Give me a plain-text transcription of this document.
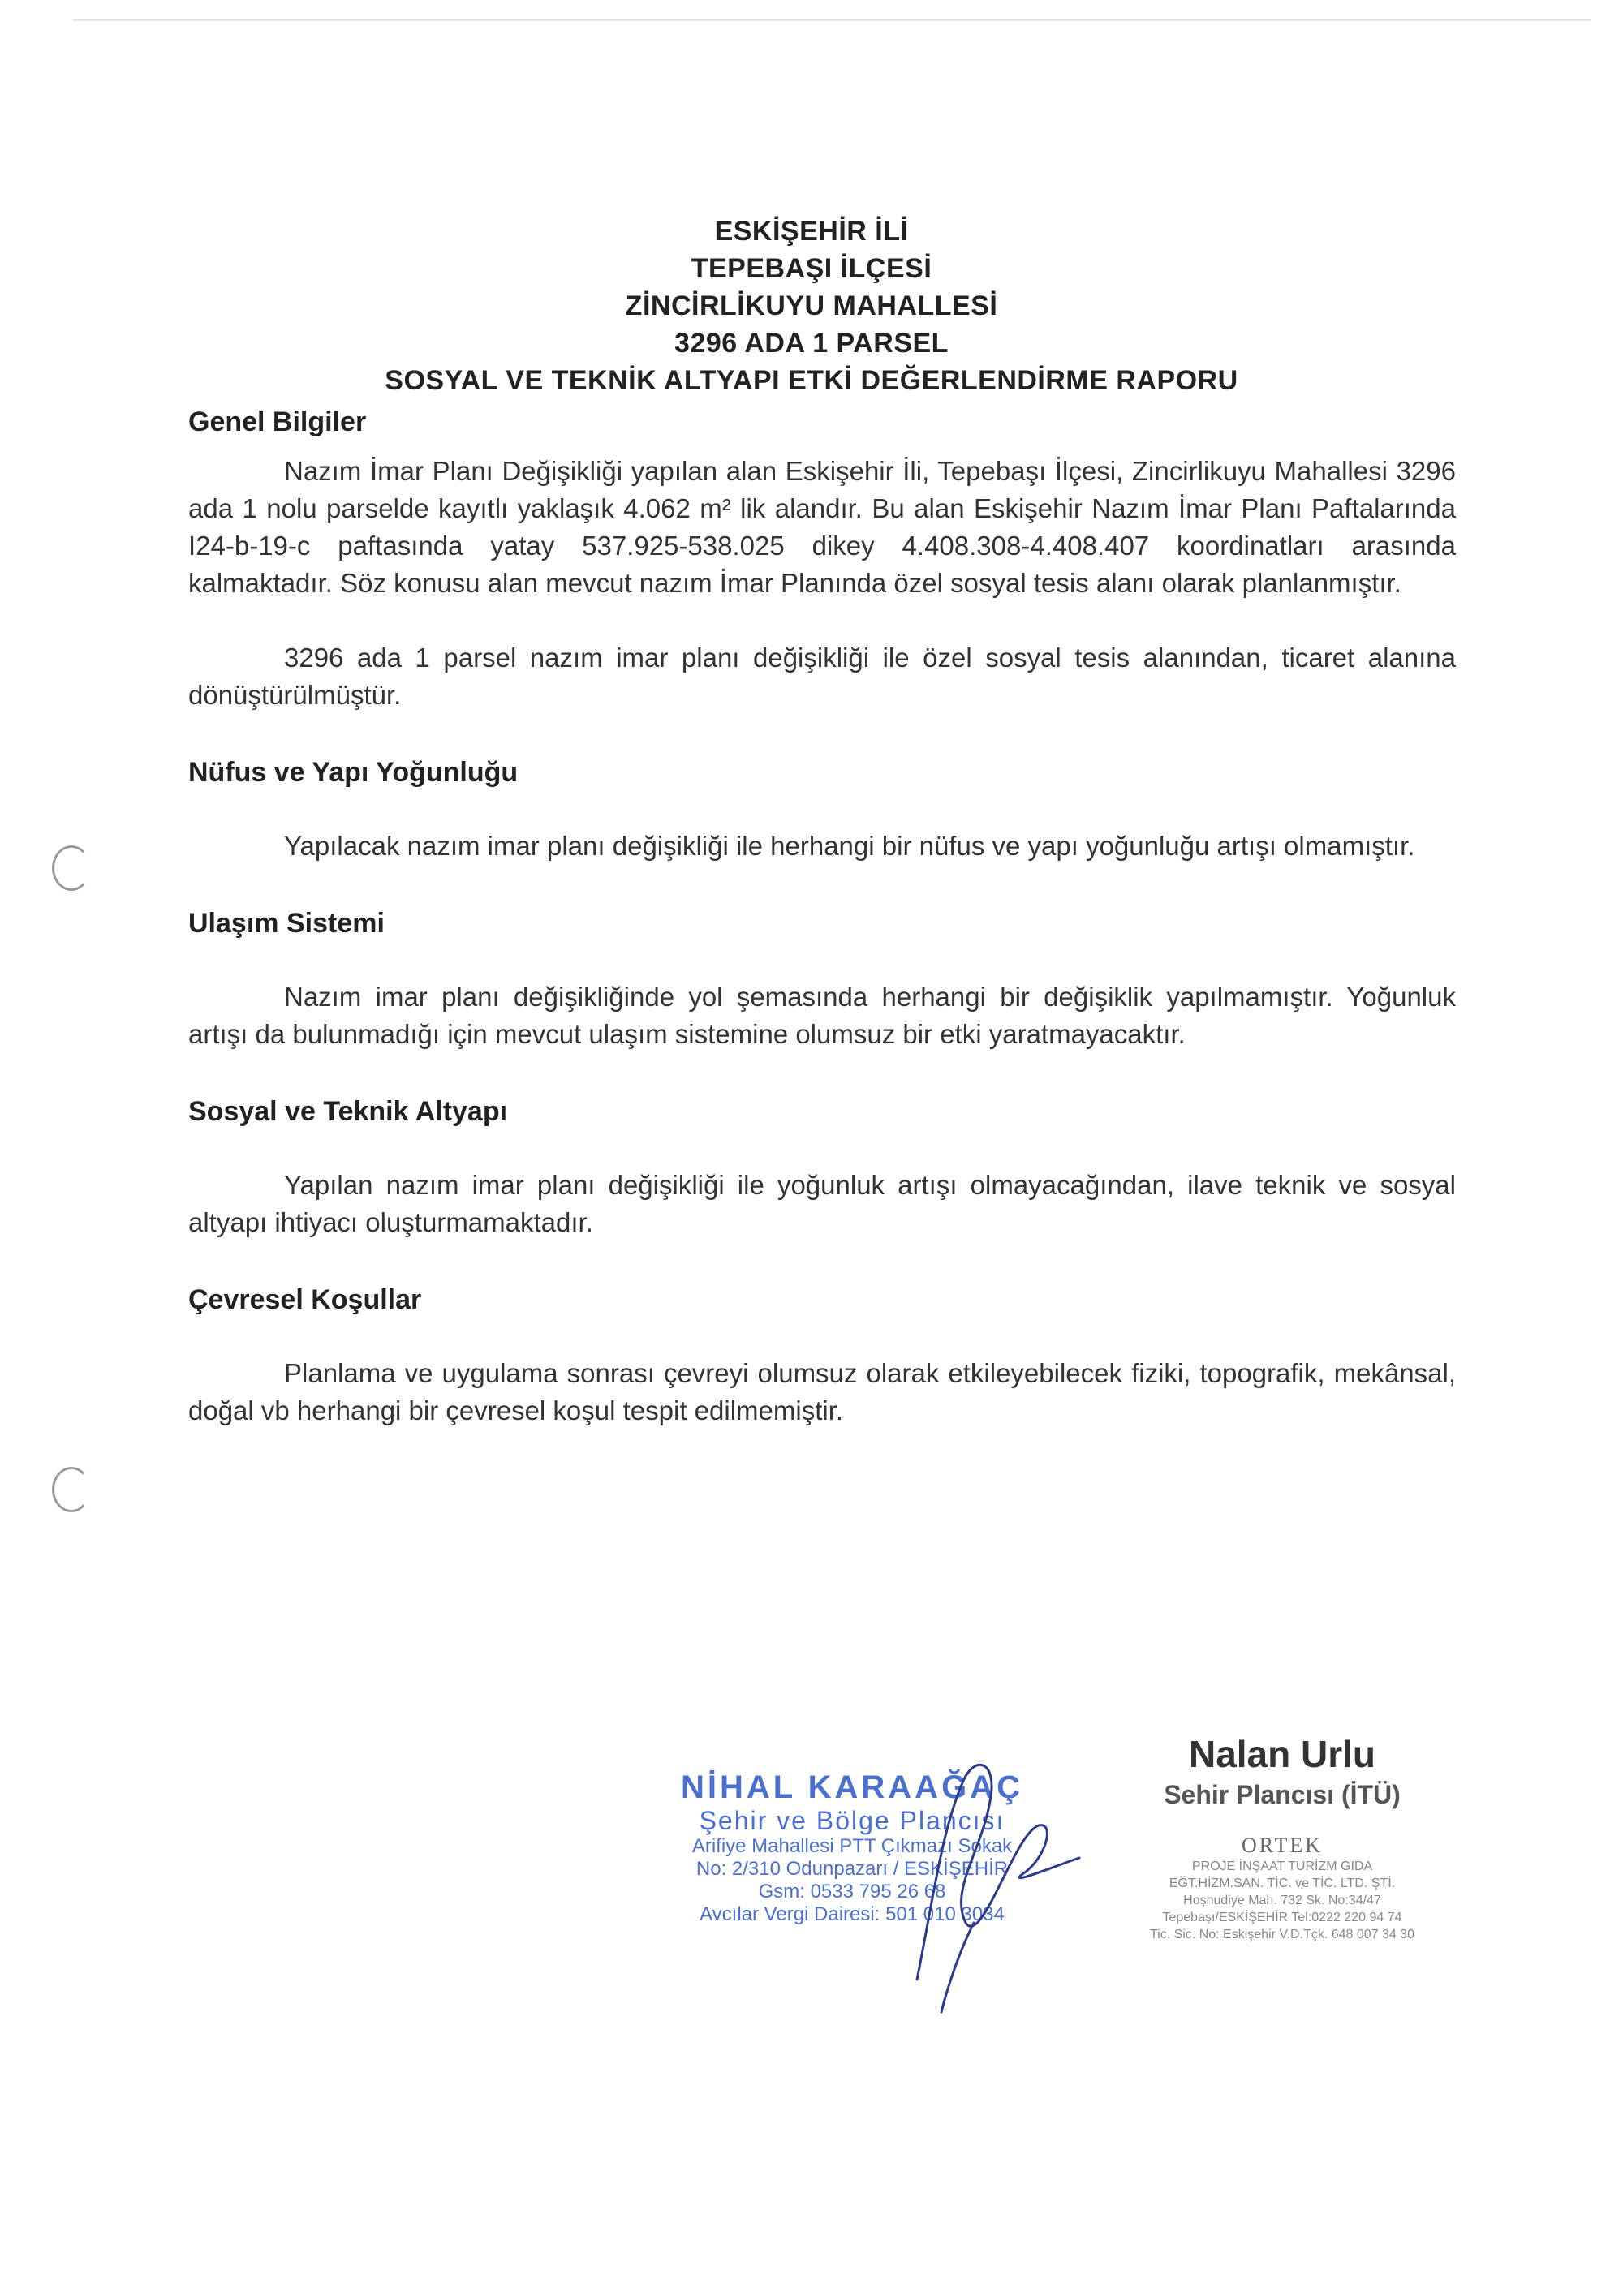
ESKİŞEHİR İLİ
TEPEBAŞI İLÇESİ
ZİNCİRLİKUYU MAHALLESİ
3296 ADA 1 PARSEL
SOSYAL VE TEKNİK ALTYAPI ETKİ DEĞERLENDİRME RAPORU
Genel Bilgiler

Nazım İmar Planı Değişikliği yapılan alan Eskişehir İli, Tepebaşı İlçesi, Zincirlikuyu Mahallesi 3296 ada 1 nolu parselde kayıtlı yaklaşık 4.062 m² lik alandır. Bu alan Eskişehir Nazım İmar Planı Paftalarında I24-b-19-c paftasında yatay 537.925-538.025 dikey 4.408.308-4.408.407 koordinatları arasında kalmaktadır. Söz konusu alan mevcut nazım İmar Planında özel sosyal tesis alanı olarak planlanmıştır.

3296 ada 1 parsel nazım imar planı değişikliği ile özel sosyal tesis alanından, ticaret alanına dönüştürülmüştür.

Nüfus ve Yapı Yoğunluğu

Yapılacak nazım imar planı değişikliği ile herhangi bir nüfus ve yapı yoğunluğu artışı olmamıştır.

Ulaşım Sistemi

Nazım imar planı değişikliğinde yol şemasında herhangi bir değişiklik yapılmamıştır. Yoğunluk artışı da bulunmadığı için mevcut ulaşım sistemine olumsuz bir etki yaratmayacaktır.

Sosyal ve Teknik Altyapı

Yapılan nazım imar planı değişikliği ile yoğunluk artışı olmayacağından, ilave teknik ve sosyal altyapı ihtiyacı oluşturmamaktadır.

Çevresel Koşullar

Planlama ve uygulama sonrası çevreyi olumsuz olarak etkileyebilecek fiziki, topografik, mekânsal, doğal vb herhangi bir çevresel koşul tespit edilmemiştir.

NİHAL KARAAĞAÇ
Şehir ve Bölge Plancısı
Arifiye Mahallesi PTT Çıkmazı Sokak
No: 2/310 Odunpazarı / ESKİŞEHİR
Gsm: 0533 795 26 68
Avcılar Vergi Dairesi: 501 010 3034
Nalan Urlu
Sehir Plancısı (İTÜ)
ORTEK
PROJE İNŞAAT TURİZM GIDA
EĞT.HİZM.SAN. TİC. ve TİC. LTD. ŞTİ.
Hoşnudiye Mah. 732 Sk. No:34/47
Tepebaşı/ESKİŞEHİR Tel:0222 220 94 74
Tic. Sic. No: Eskişehir V.D.Tçk. 648 007 34 30
